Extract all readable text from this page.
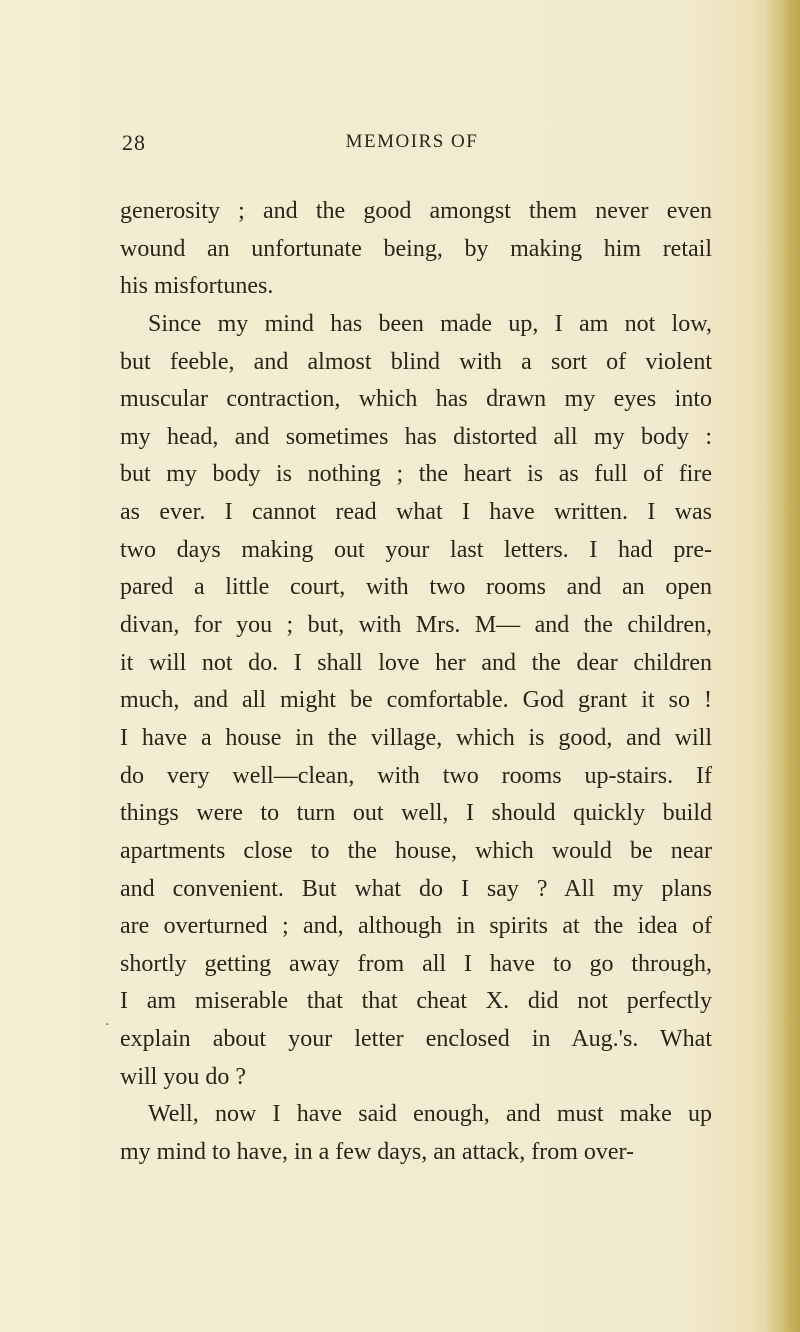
28	MEMOIRS OF
.
generosity ; and the good amongst them never even
wound an unfortunate being, by making him retail
his misfortunes.
Since my mind has been made up, I am not low,
but feeble, and almost blind with a sort of violent
muscular contraction, which has drawn my eyes into
my head, and sometimes has distorted all my body :
but my body is nothing ; the heart is as full of fire
as ever. I cannot read what I have written. I was
two days making out your last letters. I had pre-
pared a little court, with two rooms and an open
divan, for you ; but, with Mrs. M— and the children,
it will not do. I shall love her and the dear children
much, and all might be comfortable. God grant it so !
I have a house in the village, which is good, and will
do very well—clean, with two rooms up-stairs. If
things were to turn out well, I should quickly build
apartments close to the house, which would be near
and convenient. But what do I say ? All my plans
are overturned ; and, although in spirits at the idea of
shortly getting away from all I have to go through,
I am miserable that that cheat X. did not perfectly
explain about your letter enclosed in Aug.'s. What
will you do ?
Well, now I have said enough, and must make up
my mind to have, in a few days, an attack, from over-
